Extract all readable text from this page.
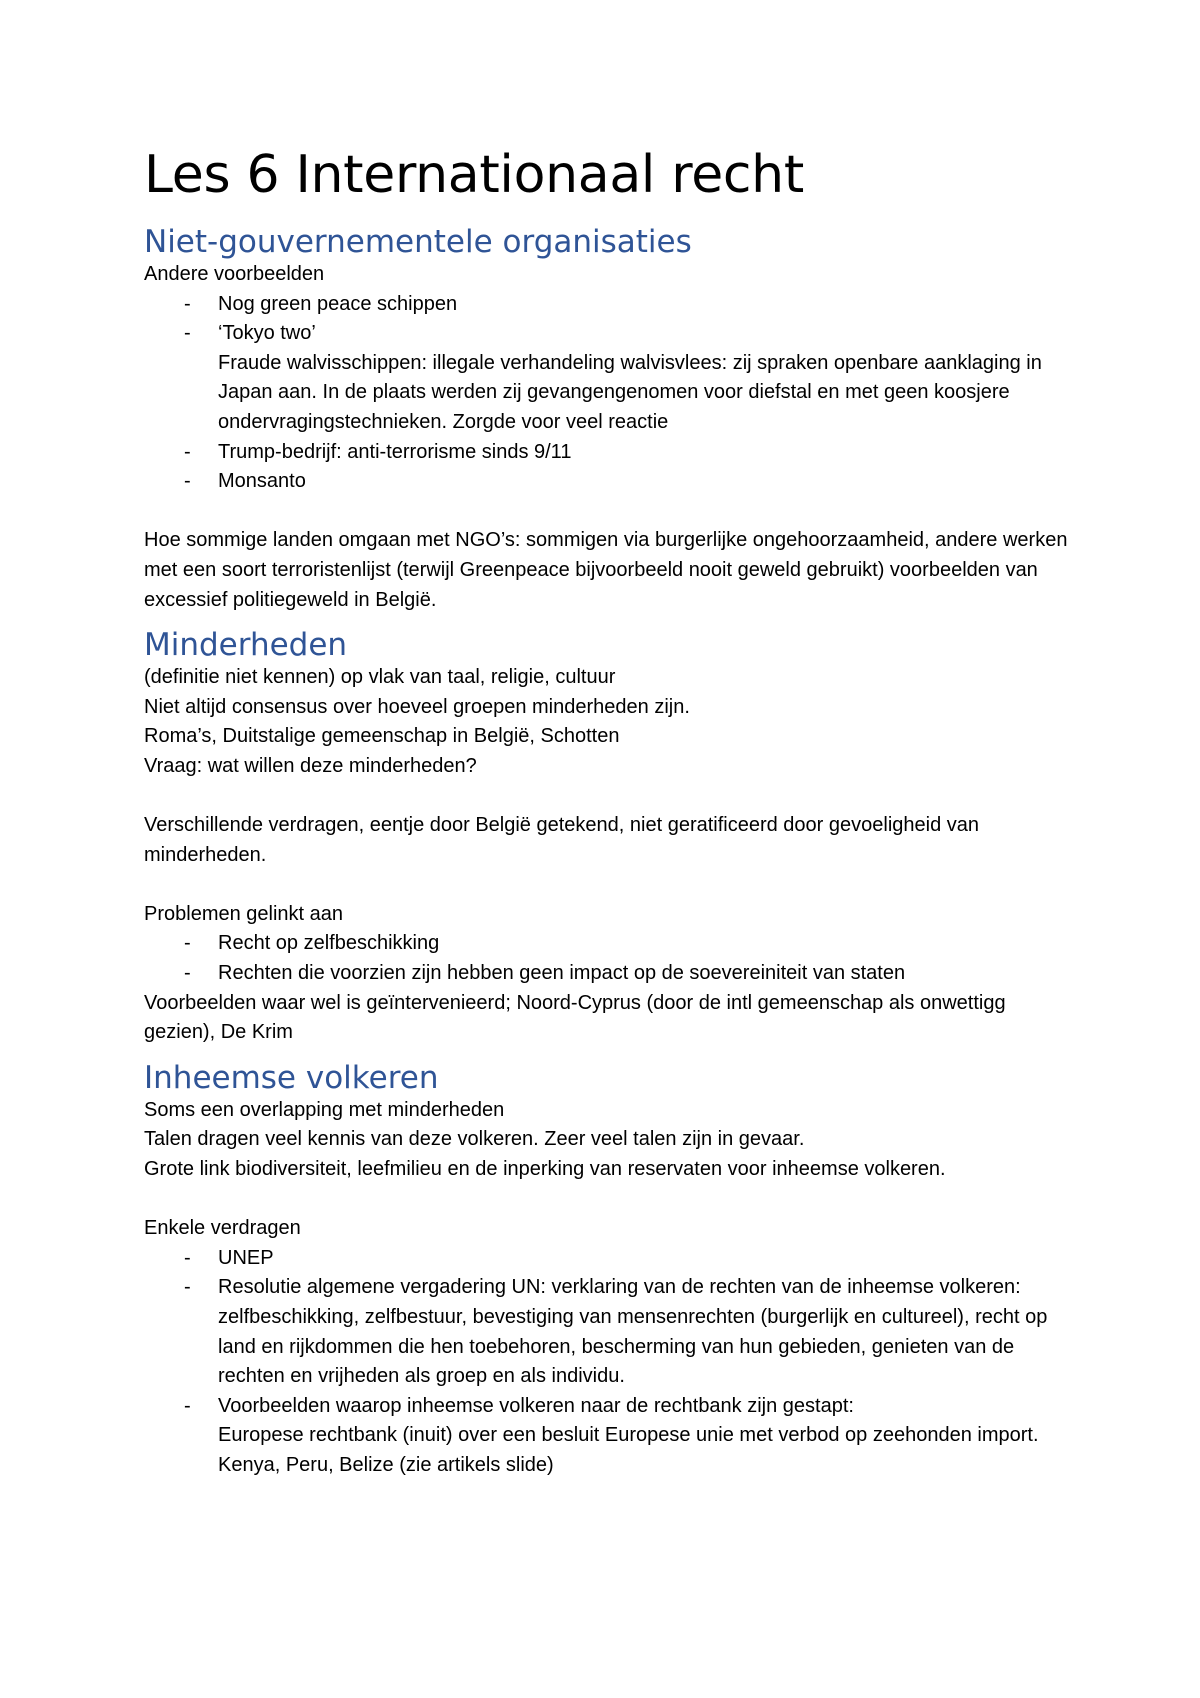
Les 6 Internationaal recht
Niet-gouvernementele organisaties

Andere voorbeelden

- Nog green peace schippen
- ‘Tokyo two’
Fraude walvisschippen: illegale verhandeling walvisvlees: zij spraken openbare aanklaging in Japan aan. In de plaats werden zij gevangengenomen voor diefstal en met geen koosjere ondervragingstechnieken. Zorgde voor veel reactie
- Trump-bedrijf: anti-terrorisme sinds 9/11
- Monsanto

Hoe sommige landen omgaan met NGO’s: sommigen via burgerlijke ongehoorzaamheid, andere werken met een soort terroristenlijst (terwijl Greenpeace bijvoorbeeld nooit geweld gebruikt) voorbeelden van excessief politiegeweld in België.

Minderheden

(definitie niet kennen) op vlak van taal, religie, cultuur

Niet altijd consensus over hoeveel groepen minderheden zijn.

Roma’s, Duitstalige gemeenschap in België, Schotten

Vraag: wat willen deze minderheden?

Verschillende verdragen, eentje door België getekend, niet geratificeerd door gevoeligheid van minderheden.

Problemen gelinkt aan

- Recht op zelfbeschikking
- Rechten die voorzien zijn hebben geen impact op de soevereiniteit van staten

Voorbeelden waar wel is geïntervenieerd; Noord-Cyprus (door de intl gemeenschap als onwettigg gezien), De Krim

Inheemse volkeren

Soms een overlapping met minderheden

Talen dragen veel kennis van deze volkeren. Zeer veel talen zijn in gevaar.

Grote link biodiversiteit, leefmilieu en de inperking van reservaten voor inheemse volkeren.

Enkele verdragen

- UNEP
- Resolutie algemene vergadering UN: verklaring van de rechten van de inheemse volkeren: zelfbeschikking, zelfbestuur, bevestiging van mensenrechten (burgerlijk en cultureel), recht op land en rijkdommen die hen toebehoren, bescherming van hun gebieden, genieten van de rechten en vrijheden als groep en als individu.
- Voorbeelden waarop inheemse volkeren naar de rechtbank zijn gestapt:
Europese rechtbank (inuit) over een besluit Europese unie met verbod op zeehonden import.
Kenya, Peru, Belize (zie artikels slide)
